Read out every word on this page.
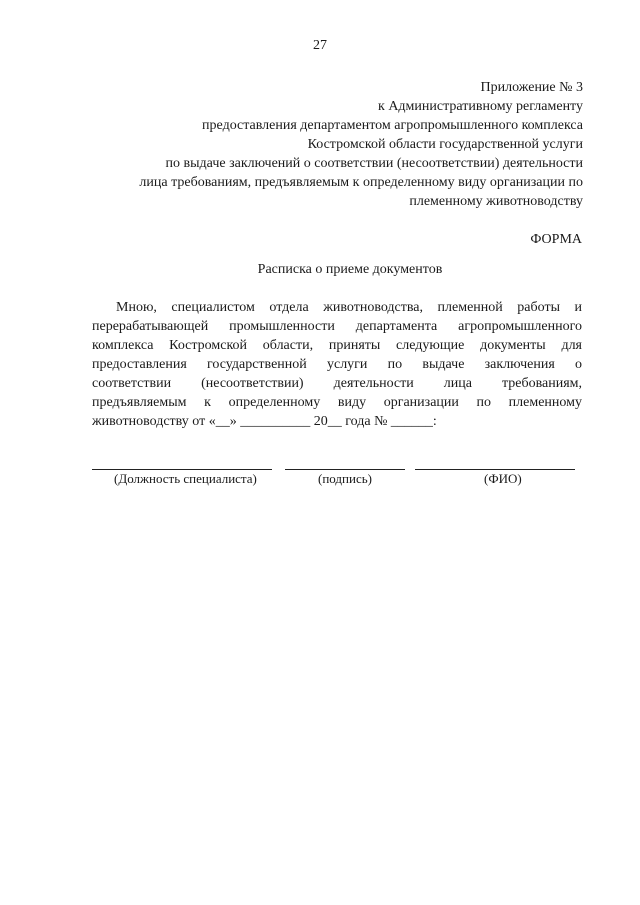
27
Приложение № 3
к Административному регламенту
предоставления департаментом агропромышленного комплекса
Костромской области государственной услуги
по выдаче заключений о соответствии (несоответствии) деятельности
лица требованиям, предъявляемым к определенному виду организации по
племенному животноводству
ФОРМА
Расписка о приеме документов
Мною, специалистом отдела животноводства, племенной работы и
перерабатывающей промышленности департамента агропромышленного
комплекса Костромской области, приняты следующие документы для
предоставления государственной услуги по выдаче заключения о
соответствии (несоответствии) деятельности лица требованиям,
предъявляемым к определенному виду организации по племенному
животноводству от «__» __________ 20__ года № ______:
(Должность специалиста)	(подпись)	(ФИО)
